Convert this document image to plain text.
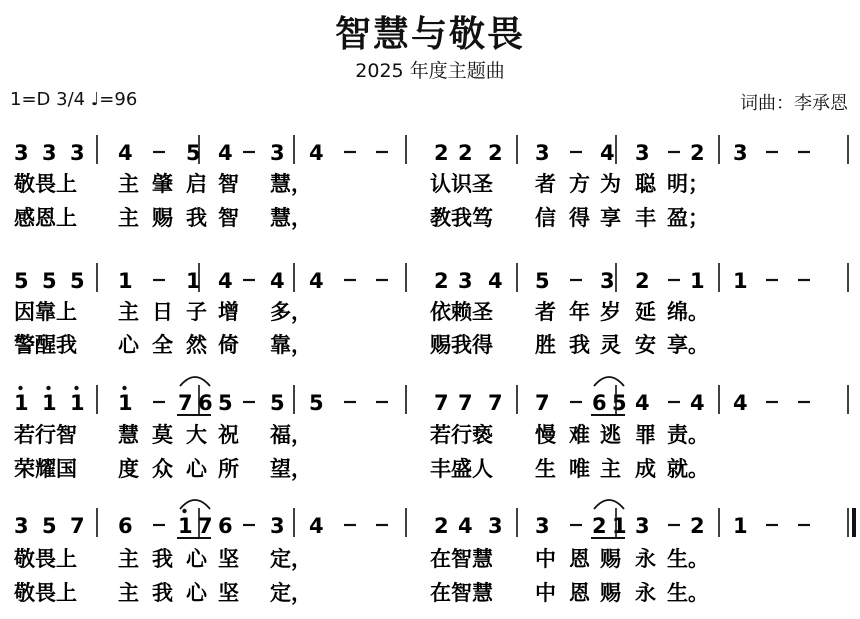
智慧与敬畏
2025 年度主题曲
1=D 3/4 ♩=96	词曲：李承恩
3 3 3 4	5 4 3 4	2 2 2 3 4 3 2 3
敬畏上 主 肇 启 智 慧，	认识圣 者 方 为 聪 明；
感恩上 主 赐 我 智 慧，	教我笃 信 得 享 丰 盈；
5 5 5 1	1 4 4 4	2 3 4 5 3 2 1 1
因靠上 主 日 子 增 多，	依赖圣 者 年 岁 延 绵。
警醒我 心 全 然 倚 靠，	赐我得 胜 我 灵 安 享。
1 1 1 1 7 6 5 5 5	7 7 7 7 6 5 4 4 4
若行智 慧 莫 大 祝 福，	若行亵 慢 难 逃 罪 责。
荣耀国 度 众 心 所 望，	丰盛人 生 唯 主 成 就。
3 5 7 6 1 7 6 3 4	2 4 3 3 2 1 3 2 1
敬畏上 主 我 心 坚 定，	在智慧 中 恩 赐 永 生。
敬畏上 主 我 心 坚 定，	在智慧 中 恩 赐 永 生。
